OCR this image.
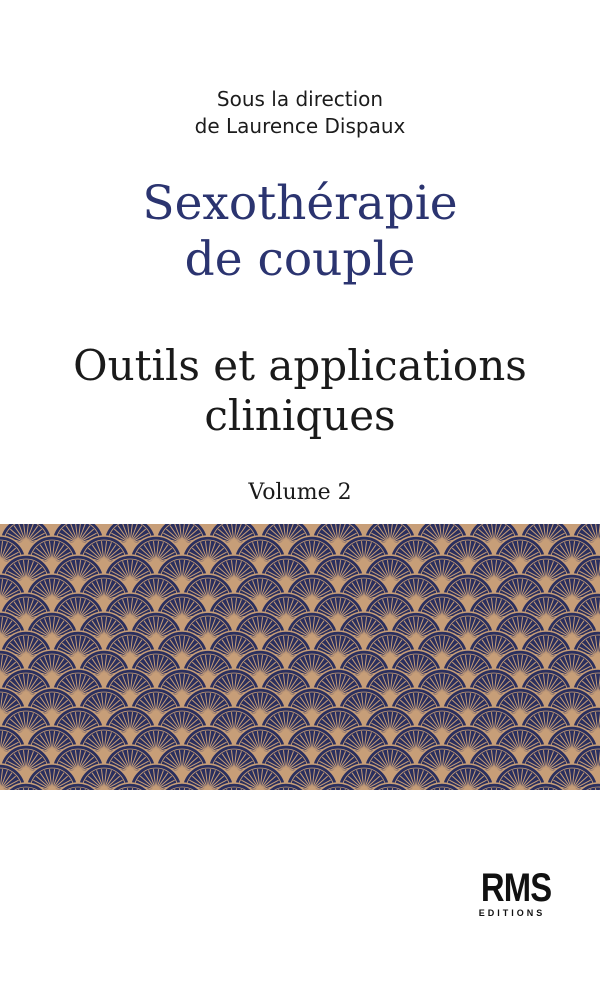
Sous la direction
de Laurence Dispaux
Sexothérapie
de couple
Outils et applications
cliniques
Volume 2
RMS
EDITIONS
